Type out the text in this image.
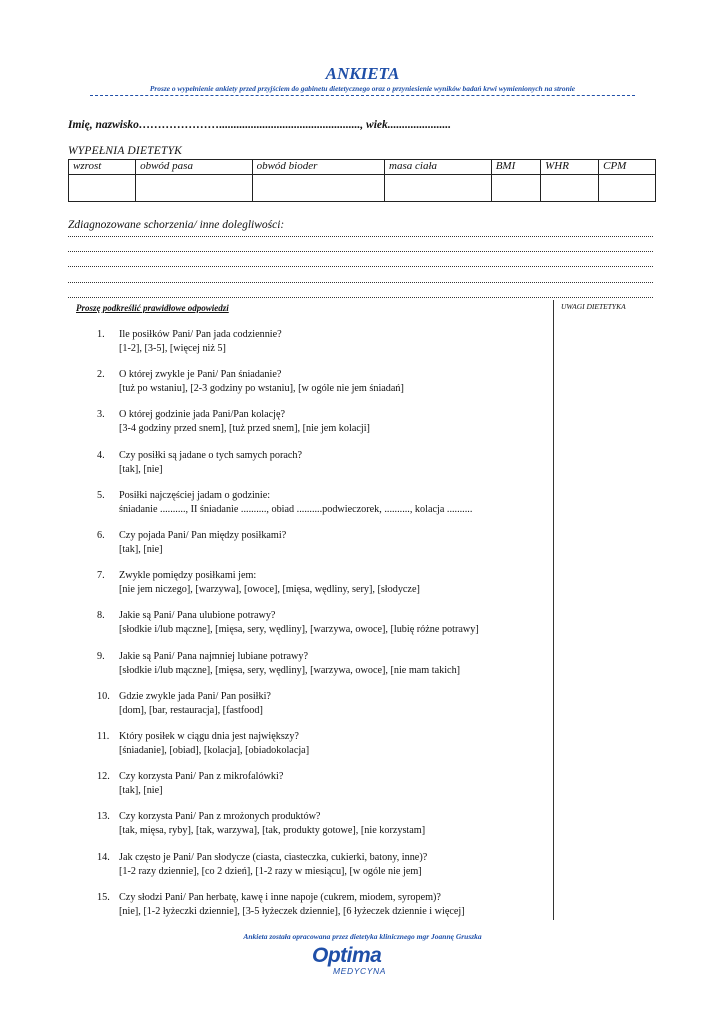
ANKIETA
Prosze o wypełnienie ankiety przed przyjściem do gabinetu dietetycznego oraz o przyniesienie wyników badań krwi wymienionych na stronie
Imię, nazwisko…………………................................................., wiek......................
WYPEŁNIA DIETETYK
wzrost	obwód pasa	obwód bioder	masa ciała	BMI	WHR	CPM

Zdiagnozowane schorzenia/ inne dolegliwości:
UWAGI DIETETYKA
Proszę podkreślić prawidłowe odpowiedzi
1.	Ile posiłków Pani/ Pan jada codziennie?
[1-2], [3-5], [więcej niż 5]
2.	O której zwykle je Pani/ Pan śniadanie?
[tuż po wstaniu], [2-3 godziny po wstaniu], [w ogóle nie jem śniadań]
3.	O której godzinie jada Pani/Pan kolację?
[3-4 godziny przed snem], [tuż przed snem], [nie jem kolacji]
4.	Czy posiłki są jadane o tych samych porach?
[tak], [nie]
5.	Posiłki najczęściej jadam o godzinie:
śniadanie .........., II śniadanie .........., obiad ..........podwieczorek, .........., kolacja ..........
6.	Czy pojada Pani/ Pan między posiłkami?
[tak], [nie]
7.	Zwykle pomiędzy posiłkami jem:
[nie jem niczego], [warzywa], [owoce], [mięsa, wędliny, sery], [słodycze]
8.	Jakie są Pani/ Pana ulubione potrawy?
[słodkie i/lub mączne], [mięsa, sery, wędliny], [warzywa, owoce], [lubię różne potrawy]
9.	Jakie są Pani/ Pana najmniej lubiane potrawy?
[słodkie i/lub mączne], [mięsa, sery, wędliny], [warzywa, owoce], [nie mam takich]
10. Gdzie zwykle jada Pani/ Pan posiłki?
[dom], [bar, restauracja], [fastfood]
11. Który posiłek w ciągu dnia jest największy?
[śniadanie], [obiad], [kolacja], [obiadokolacja]
12. Czy korzysta Pani/ Pan z mikrofalówki?
[tak], [nie]
13. Czy korzysta Pani/ Pan z mrożonych produktów?
[tak, mięsa, ryby], [tak, warzywa], [tak, produkty gotowe], [nie korzystam]
14. Jak często je Pani/ Pan słodycze (ciasta, ciasteczka, cukierki, batony, inne)?
[1-2 razy dziennie], [co 2 dzień], [1-2 razy w miesiącu], [w ogóle nie jem]
15. Czy słodzi Pani/ Pan herbatę, kawę i inne napoje (cukrem, miodem, syropem)?
[nie], [1-2 łyżeczki dziennie], [3-5 łyżeczek dziennie], [6 łyżeczek dziennie i więcej]
Ankieta została opracowana przez dietetyka klinicznego mgr Joannę Gruszka
Optima
MEDYCYNA
